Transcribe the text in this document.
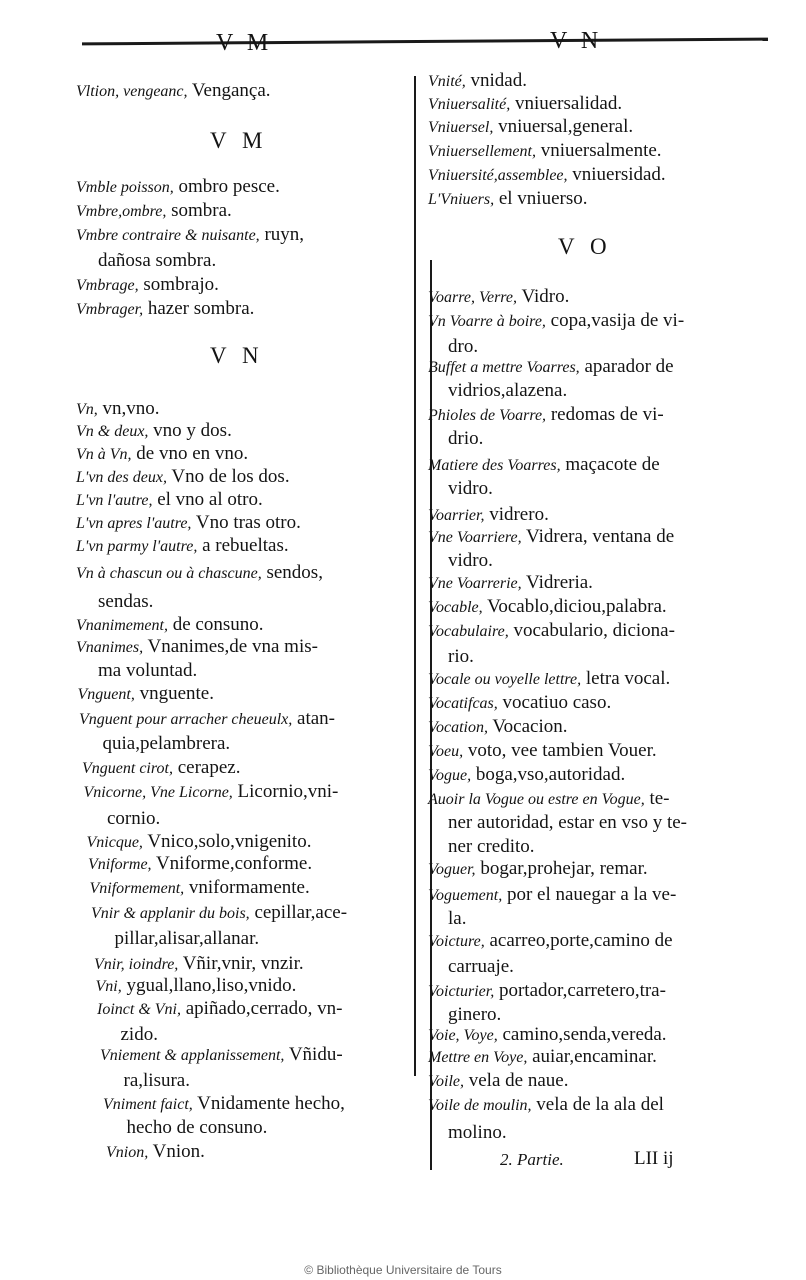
V M	V N
Vltion, vengeanc, Vengança.
V M
Vmble poisson, ombro pesce.
Vmbre,ombre, sombra.
Vmbre contraire & nuisante, ruyn,
dañosa sombra.
Vmbrage, sombrajo.
Vmbrager, hazer sombra.
V N
Vn, vn,vno.
Vn & deux, vno y dos.
Vn à Vn, de vno en vno.
L'vn des deux, Vno de los dos.
L'vn l'autre, el vno al otro.
L'vn apres l'autre, Vno tras otro.
L'vn parmy l'autre, a rebueltas.
Vn à chascun ou à chascune, sendos,
sendas.
Vnanimement, de consuno.
Vnanimes, Vnanimes,de vna mis-
ma voluntad.
Vnguent, vnguente.
Vnguent pour arracher cheueulx, atan-
quia,pelambrera.
Vnguent cirot, cerapez.
Vnicorne, Vne Licorne, Licornio,vni-
cornio.
Vnicque, Vnico,solo,vnigenito.
Vniforme, Vniforme,conforme.
Vniformement, vniformamente.
Vnir & applanir du bois, cepillar,ace-
pillar,alisar,allanar.
Vnir, ioindre, Vñir,vnir, vnzir.
Vni, ygual,llano,liso,vnido.
Ioinct & Vni, apiñado,cerrado, vn-
zido.
Vniement & applanissement, Vñidu-
ra,lisura.
Vniment faict, Vnidamente hecho,
hecho de consuno.
Vnion, Vnion.
Vnité, vnidad.
Vniuersalité, vniuersalidad.
Vniuersel, vniuersal,general.
Vniuersellement, vniuersalmente.
Vniuersité,assemblee, vniuersidad.
L'Vniuers, el vniuerso.
V O
Voarre, Verre, Vidro.
Vn Voarre à boire, copa,vasija de vi-
dro.
Buffet a mettre Voarres, aparador de
vidrios,alazena.
Phioles de Voarre, redomas de vi-
drio.
Matiere des Voarres, maçacote de
vidro.
Voarrier, vidrero.
Vne Voarriere, Vidrera, ventana de
vidro.
Vne Voarrerie, Vidreria.
Vocable, Vocablo,diciou,palabra.
Vocabulaire, vocabulario, diciona-
rio.
Vocale ou voyelle lettre, letra vocal.
Vocatifcas, vocatiuo caso.
Vocation, Vocacion.
Voeu, voto, vee tambien Vouer.
Vogue, boga,vso,autoridad.
Auoir la Vogue ou estre en Vogue, te-
ner autoridad, estar en vso y te-
ner credito.
Voguer, bogar,prohejar, remar.
Voguement, por el nauegar a la ve-
la.
Voicture, acarreo,porte,camino de
carruaje.
Voicturier, portador,carretero,tra-
ginero.
Voie, Voye, camino,senda,vereda.
Mettre en Voye, auiar,encaminar.
Voile, vela de naue.
Voile de moulin, vela de la ala del
molino.
2. Partie.	LII ij
© Bibliothèque Universitaire de Tours
